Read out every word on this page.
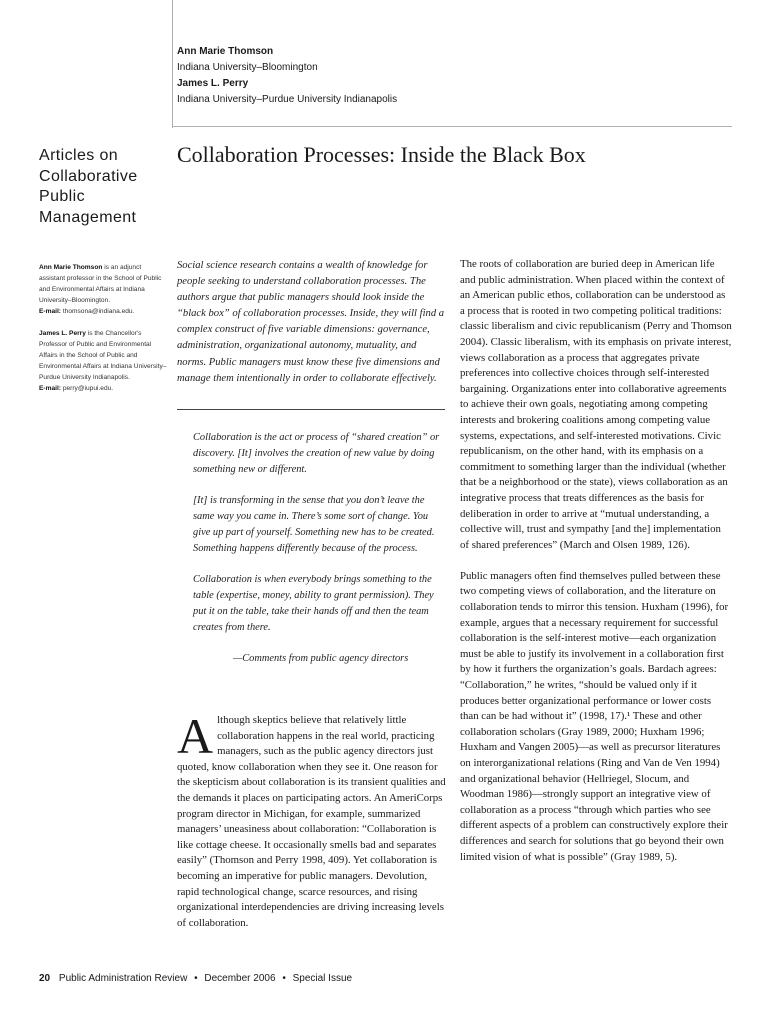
Ann Marie Thomson
Indiana University–Bloomington
James L. Perry
Indiana University–Purdue University Indianapolis
Articles on Collaborative Public Management
Collaboration Processes: Inside the Black Box

Ann Marie Thomson is an adjunct assistant professor in the School of Public and Environmental Affairs at Indiana University–Bloomington.
E-mail: thomsona@indiana.edu.

James L. Perry is the Chancellor's Professor of Public and Environmental Affairs in the School of Public and Environmental Affairs at Indiana University–Purdue University Indianapolis.
E-mail: perry@iupui.edu.

Social science research contains a wealth of knowledge for people seeking to understand collaboration processes. The authors argue that public managers should look inside the “black box” of collaboration processes. Inside, they will find a complex construct of five variable dimensions: governance, administration, organizational autonomy, mutuality, and norms. Public managers must know these five dimensions and manage them intentionally in order to collaborate effectively.

Collaboration is the act or process of “shared creation” or discovery. [It] involves the creation of new value by doing something new or different.

[It] is transforming in the sense that you don’t leave the same way you came in. There’s some sort of change. You give up part of yourself. Something new has to be created. Something happens differently because of the process.

Collaboration is when everybody brings something to the table (expertise, money, ability to grant permission). They put it on the table, take their hands off and then the team creates from there.

—Comments from public agency directors
Although skeptics believe that relatively little collaboration happens in the real world, practicing managers, such as the public agency directors just quoted, know collaboration when they see it. One reason for the skepticism about collaboration is its transient qualities and the demands it places on participating actors. An AmeriCorps program director in Michigan, for example, summarized managers’ uneasiness about collaboration: “Collaboration is like cottage cheese. It occasionally smells bad and separates easily” (Thomson and Perry 1998, 409). Yet collaboration is becoming an imperative for public managers. Devolution, rapid technological change, scarce resources, and rising organizational interdependencies are driving increasing levels of collaboration.

The roots of collaboration are buried deep in American life and public administration. When placed within the context of an American public ethos, collaboration can be understood as a process that is rooted in two competing political traditions: classic liberalism and civic republicanism (Perry and Thomson 2004). Classic liberalism, with its emphasis on private interest, views collaboration as a process that aggregates private preferences into collective choices through self-interested bargaining. Organizations enter into collaborative agreements to achieve their own goals, negotiating among competing interests and brokering coalitions among competing value systems, expectations, and self-interested motivations. Civic republicanism, on the other hand, with its emphasis on a commitment to something larger than the individual (whether that be a neighborhood or the state), views collaboration as an integrative process that treats differences as the basis for deliberation in order to arrive at “mutual understanding, a collective will, trust and sympathy [and the] implementation of shared preferences” (March and Olsen 1989, 126).

Public managers often find themselves pulled between these two competing views of collaboration, and the literature on collaboration tends to mirror this tension. Huxham (1996), for example, argues that a necessary requirement for successful collaboration is the self-interest motive—each organization must be able to justify its involvement in a collaboration first by how it furthers the organization’s goals. Bardach agrees: “Collaboration,” he writes, “should be valued only if it produces better organizational performance or lower costs than can be had without it” (1998, 17).¹ These and other collaboration scholars (Gray 1989, 2000; Huxham 1996; Huxham and Vangen 2005)—as well as precursor literatures on interorganizational relations (Ring and Van de Ven 1994) and organizational behavior (Hellriegel, Slocum, and Woodman 1986)—strongly support an integrative view of collaboration as a process “through which parties who see different aspects of a problem can constructively explore their differences and search for solutions that go beyond their own limited vision of what is possible” (Gray 1989, 5).

20 Public Administration Review • December 2006 • Special Issue
